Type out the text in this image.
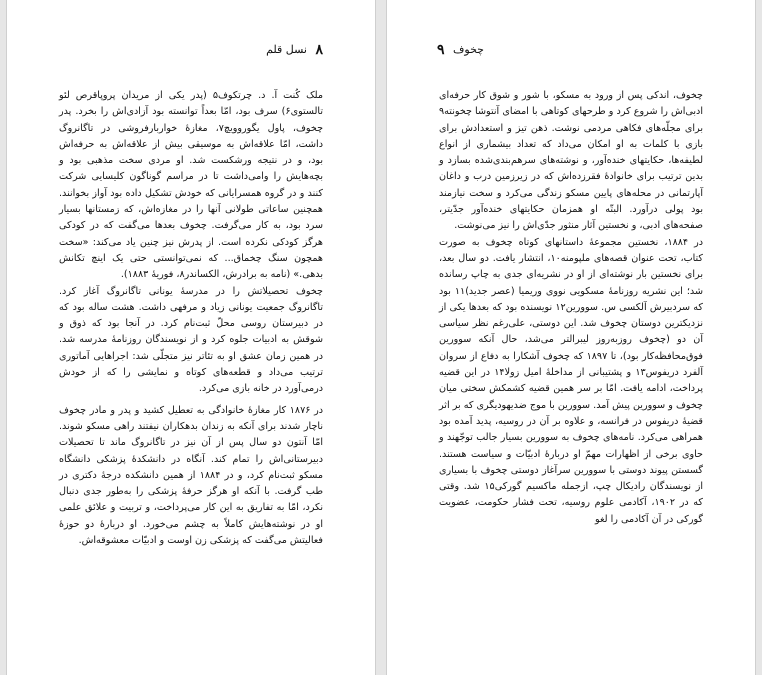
۸
نسل قلم

ملک کُنت آ. د. چرتکوف۵ (پدر یکی از مریدان پروپاقرص لئو تالستوی۶) سرف بود، امّا بعداً توانسته بود آزادی‌اش را بخرد. پدر چخوف، پاول یگوروویچ۷، مغازهٔ خواربارفروشی در تاگانروگ داشت، امّا علاقه‌اش به موسیقی بیش از علاقه‌اش به حرفه‌اش بود، و در نتیجه ورشکست شد. او مردی سخت مذهبی بود و بچه‌هایش را وامی‌داشت تا در مراسم گوناگون کلیسایی شرکت کنند و در گروه همسرایانی که خودش تشکیل داده بود آواز بخوانند. همچنین ساعاتی طولانی آنها را در مغازه‌اش، که زمستانها بسیار سرد بود، به کار می‌گرفت. چخوف بعدها می‌گفت که در کودکی هرگز کودکی نکرده است. از پدرش نیز چنین یاد می‌کند: «سخت همچون سنگ چخماق... که نمی‌توانستی حتی یک اینچ تکانش بدهی.» (نامه به برادرش، الکساندر۸، فوریهٔ ۱۸۸۳).

چخوف تحصیلاتش را در مدرسهٔ یونانی تاگانروگ آغاز کرد. تاگانروگ جمعیت یونانی زیاد و مرفهی داشت. هشت ساله بود که در دبیرستان روسی محلّ ثبت‌نام کرد. در آنجا بود که ذوق و شوقش به ادبیات جلوه کرد و از نویسندگان روزنامهٔ مدرسه شد. در همین زمان عشق او به تئاتر نیز متجلّی شد: اجراهایی آماتوری ترتیب می‌داد و قطعه‌های کوتاه و نمایشی را که از خودش درمی‌آورد در خانه بازی می‌کرد.

در ۱۸۷۶ کار مغازهٔ خانوادگی به تعطیل کشید و پدر و مادر چخوف ناچار شدند برای آنکه به زندان بدهکاران نیفتند راهی مسکو شوند. امّا آنتون دو سال پس از آن نیز در تاگانروگ ماند تا تحصیلات دبیرستانی‌اش را تمام کند. آنگاه در دانشکدهٔ پزشکی دانشگاه مسکو ثبت‌نام کرد، و در ۱۸۸۴ از همین دانشکده درجهٔ دکتری در طب گرفت. با آنکه او هرگز حرفهٔ پزشکی را به‌طور جدی دنبال نکرد، امّا به تفاریق به این کار می‌پرداخت، و تربیت و علائق علمی او در نوشته‌هایش کاملاً به چشم می‌خورد. او دربارهٔ دو حوزهٔ فعالیتش می‌گفت که پزشکی زن اوست و ادبیّات معشوقه‌اش.

۹ چخوف

چخوف، اندکی پس از ورود به مسکو، با شور و شوق کار حرفه‌ای ادبی‌اش را شروع کرد و طرحهای کوتاهی با امضای آنتوشا چخونته۹ برای مجلّه‌های فکاهی مردمی نوشت. ذهن تیز و استعدادش برای بازی با کلمات به او امکان می‌داد که تعداد بیشماری از انواع لطیفه‌ها، حکایتهای خنده‌آور، و نوشته‌های سرهم‌بندی‌شده بسازد و بدین ترتیب برای خانوادهٔ فقرزده‌اش که در زیرزمین درب و داغان آپارتمانی در محله‌های پایین مسکو زندگی می‌کرد و سخت نیازمند بود پولی درآورد. البتّه او همزمان حکایتهای خنده‌آور جدّیتر، صفحه‌های ادبی، و نخستین آثار منثور جدّی‌اش را نیز می‌نوشت.

در ۱۸۸۴، نخستین مجموعهٔ داستانهای کوتاه چخوف به صورت کتاب، تحت عنوان قصه‌های ملپومنه۱۰، انتشار یافت. دو سال بعد، برای نخستین بار نوشته‌ای از او در نشریه‌ای جدی به چاپ رسانده شد؛ این نشریه روزنامهٔ مسکویی نووی وریمیا (عصر جدید)۱۱ بود که سردبیرش آلکسی س. سوورین۱۲ نویسنده بود که بعدها یکی از نزدیکترین دوستان چخوف شد. این دوستی، علی‌رغم نظر سیاسی آن دو (چخوف روزبه‌روز لیبرالتر می‌شد، حال آنکه سوورین فوق‌محافظه‌کار بود)، تا ۱۸۹۷ که چخوف آشکارا به دفاع از سروان آلفرد دریفوس۱۳ و پشتیبانی از مداخلهٔ امیل زولا۱۴ در این قضیه پرداخت، ادامه یافت. امّا بر سر همین قضیه کشمکش سختی میان چخوف و سوورین پیش آمد. سوورین با موج ضدیهودیگری که بر اثر قضیهٔ دریفوس در فرانسه، و علاوه بر آن در روسیه، پدید آمده بود همراهی می‌کرد. نامه‌های چخوف به سوورین بسیار جالب توجّهند و حاوی برخی از اظهارات مهمّ او دربارهٔ ادبیّات و سیاست هستند. گسستن پیوند دوستی با سوورین سرآغاز دوستی چخوف با بسیاری از نویسندگان رادیکال چپ، ازجمله ماکسیم گورکی۱۵ شد. وقتی که در ۱۹۰۲، آکادمی علوم روسیه، تحت فشار حکومت، عضویت گورکی در آن آکادمی را لغو
